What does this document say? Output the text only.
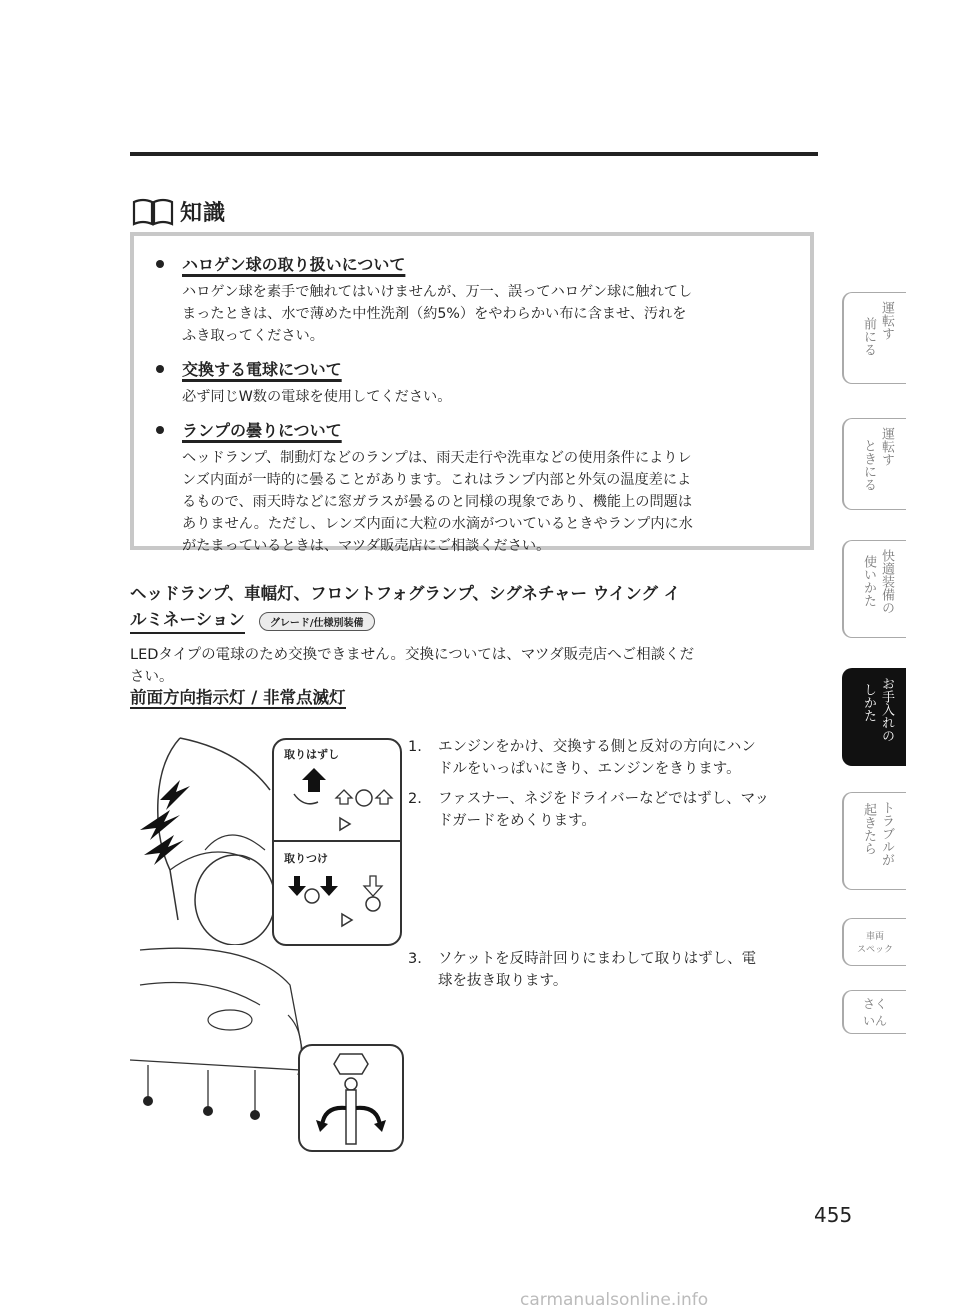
知識
ハロゲン球の取り扱いについて
ハロゲン球を素手で触れてはいけませんが、万一、誤ってハロゲン球に触れてし
まったときは、水で薄めた中性洗剤（約5%）をやわらかい布に含ませ、汚れを
ふき取ってください。
交換する電球について
必ず同じW数の電球を使用してください。
ランプの曇りについて
ヘッドランプ、制動灯などのランプは、雨天走行や洗車などの使用条件によりレ
ンズ内面が一時的に曇ることがあります。これはランプ内部と外気の温度差によ
るもので、雨天時などに窓ガラスが曇るのと同様の現象であり、機能上の問題は
ありません。ただし、レンズ内面に大粒の水滴がついているときやランプ内に水
がたまっているときは、マツダ販売店にご相談ください。
ヘッドランプ、車幅灯、フロントフォグランプ、シグネチャー ウイング イ
ルミネーション	グレード/仕様別装備
LEDタイプの電球のため交換できません。交換については、マツダ販売店へご相談くだ
さい。
前面方向指示灯 / 非常点滅灯
1.	エンジンをかけ、交換する側と反対の方向にハン
ドルをいっぱいにきり、エンジンをきります。
2.	ファスナー、ネジをドライバーなどではずし、マッ
ドガードをめくります。
3.	ソケットを反時計回りにまわして取りはずし、電
球を抜き取ります。
取りはずし
取りつけ
運転す
前にる
運転す
ときにる
快適装備の
使いかた
お手入れの
しかた
トラブルが
起きたら
車両
スペック
さく
いん
455
carmanualsonline.info
